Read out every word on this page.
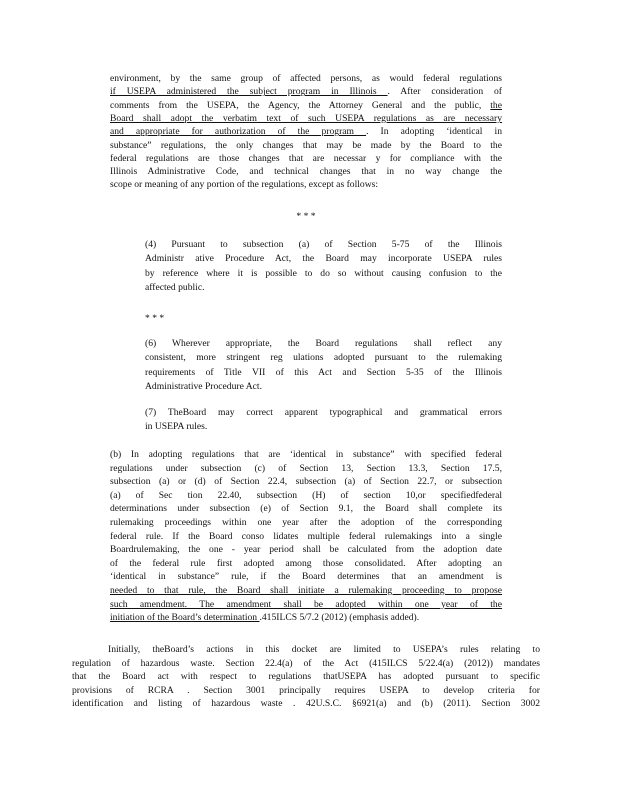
environment, by the same group of affected persons, as would federal regulations
if USEPA administered the subject program in Illinois . After consideration of
comments from the USEPA, the Agency, the Attorney General and the public, the
Board shall adopt the verbatim text of such USEPA regulations as are necessary
and appropriate for authorization of the program . In adopting ‘identical in
substance” regulations, the only changes that may be made by the Board to the
federal regulations are those changes that are necessar y for compliance with the
Illinois Administrative Code, and technical changes that in no way change the
scope or meaning of any portion of the regulations, except as follows:
* * *
* * *
(4) Pursuant to subsection (a) of Section 5-75 of the Illinois
Administr ative Procedure Act, the Board may incorporate USEPA rules
by reference where it is possible to do so without causing confusion to the
affected public.
(6) Wherever appropriate, the Board regulations shall reflect any
consistent, more stringent reg ulations adopted pursuant to the rulemaking
requirements of Title VII of this Act and Section 5-35 of the Illinois
Administrative Procedure Act.
(7) TheBoard may correct apparent typographical and grammatical errors
in USEPA rules.
(b) In adopting regulations that are ‘identical in substance” with specified federal
regulations under subsection (c) of Section 13, Section 13.3, Section 17.5,
subsection (a) or (d) of Section 22.4, subsection (a) of Section 22.7, or subsection
(a) of Sec tion 22.40, subsection (H) of section 10,or specifiedfederal
determinations under subsection (e) of Section 9.1, the Board shall complete its
rulemaking proceedings within one year after the adoption of the corresponding
federal rule. If the Board conso lidates multiple federal rulemakings into a single
Boardrulemaking, the one - year period shall be calculated from the adoption date
of the federal rule first adopted among those consolidated. After adopting an
‘identical in substance” rule, if the Board determines that an amendment is
needed to that rule, the Board shall initiate a rulemaking proceeding to propose
such amendment. The amendment shall be adopted within one year of the
initiation of the Board’s determination .415ILCS 5/7.2 (2012) (emphasis added).
Initially, theBoard’s actions in this docket are limited to USEPA’s rules relating to
regulation of hazardous waste. Section 22.4(a) of the Act (415ILCS 5/22.4(a) (2012)) mandates
that the Board act with respect to regulations thatUSEPA has adopted pursuant to specific
provisions of RCRA . Section 3001 principally requires USEPA to develop criteria for
identification and listing of hazardous waste . 42U.S.C. §6921(a) and (b) (2011). Section 3002
